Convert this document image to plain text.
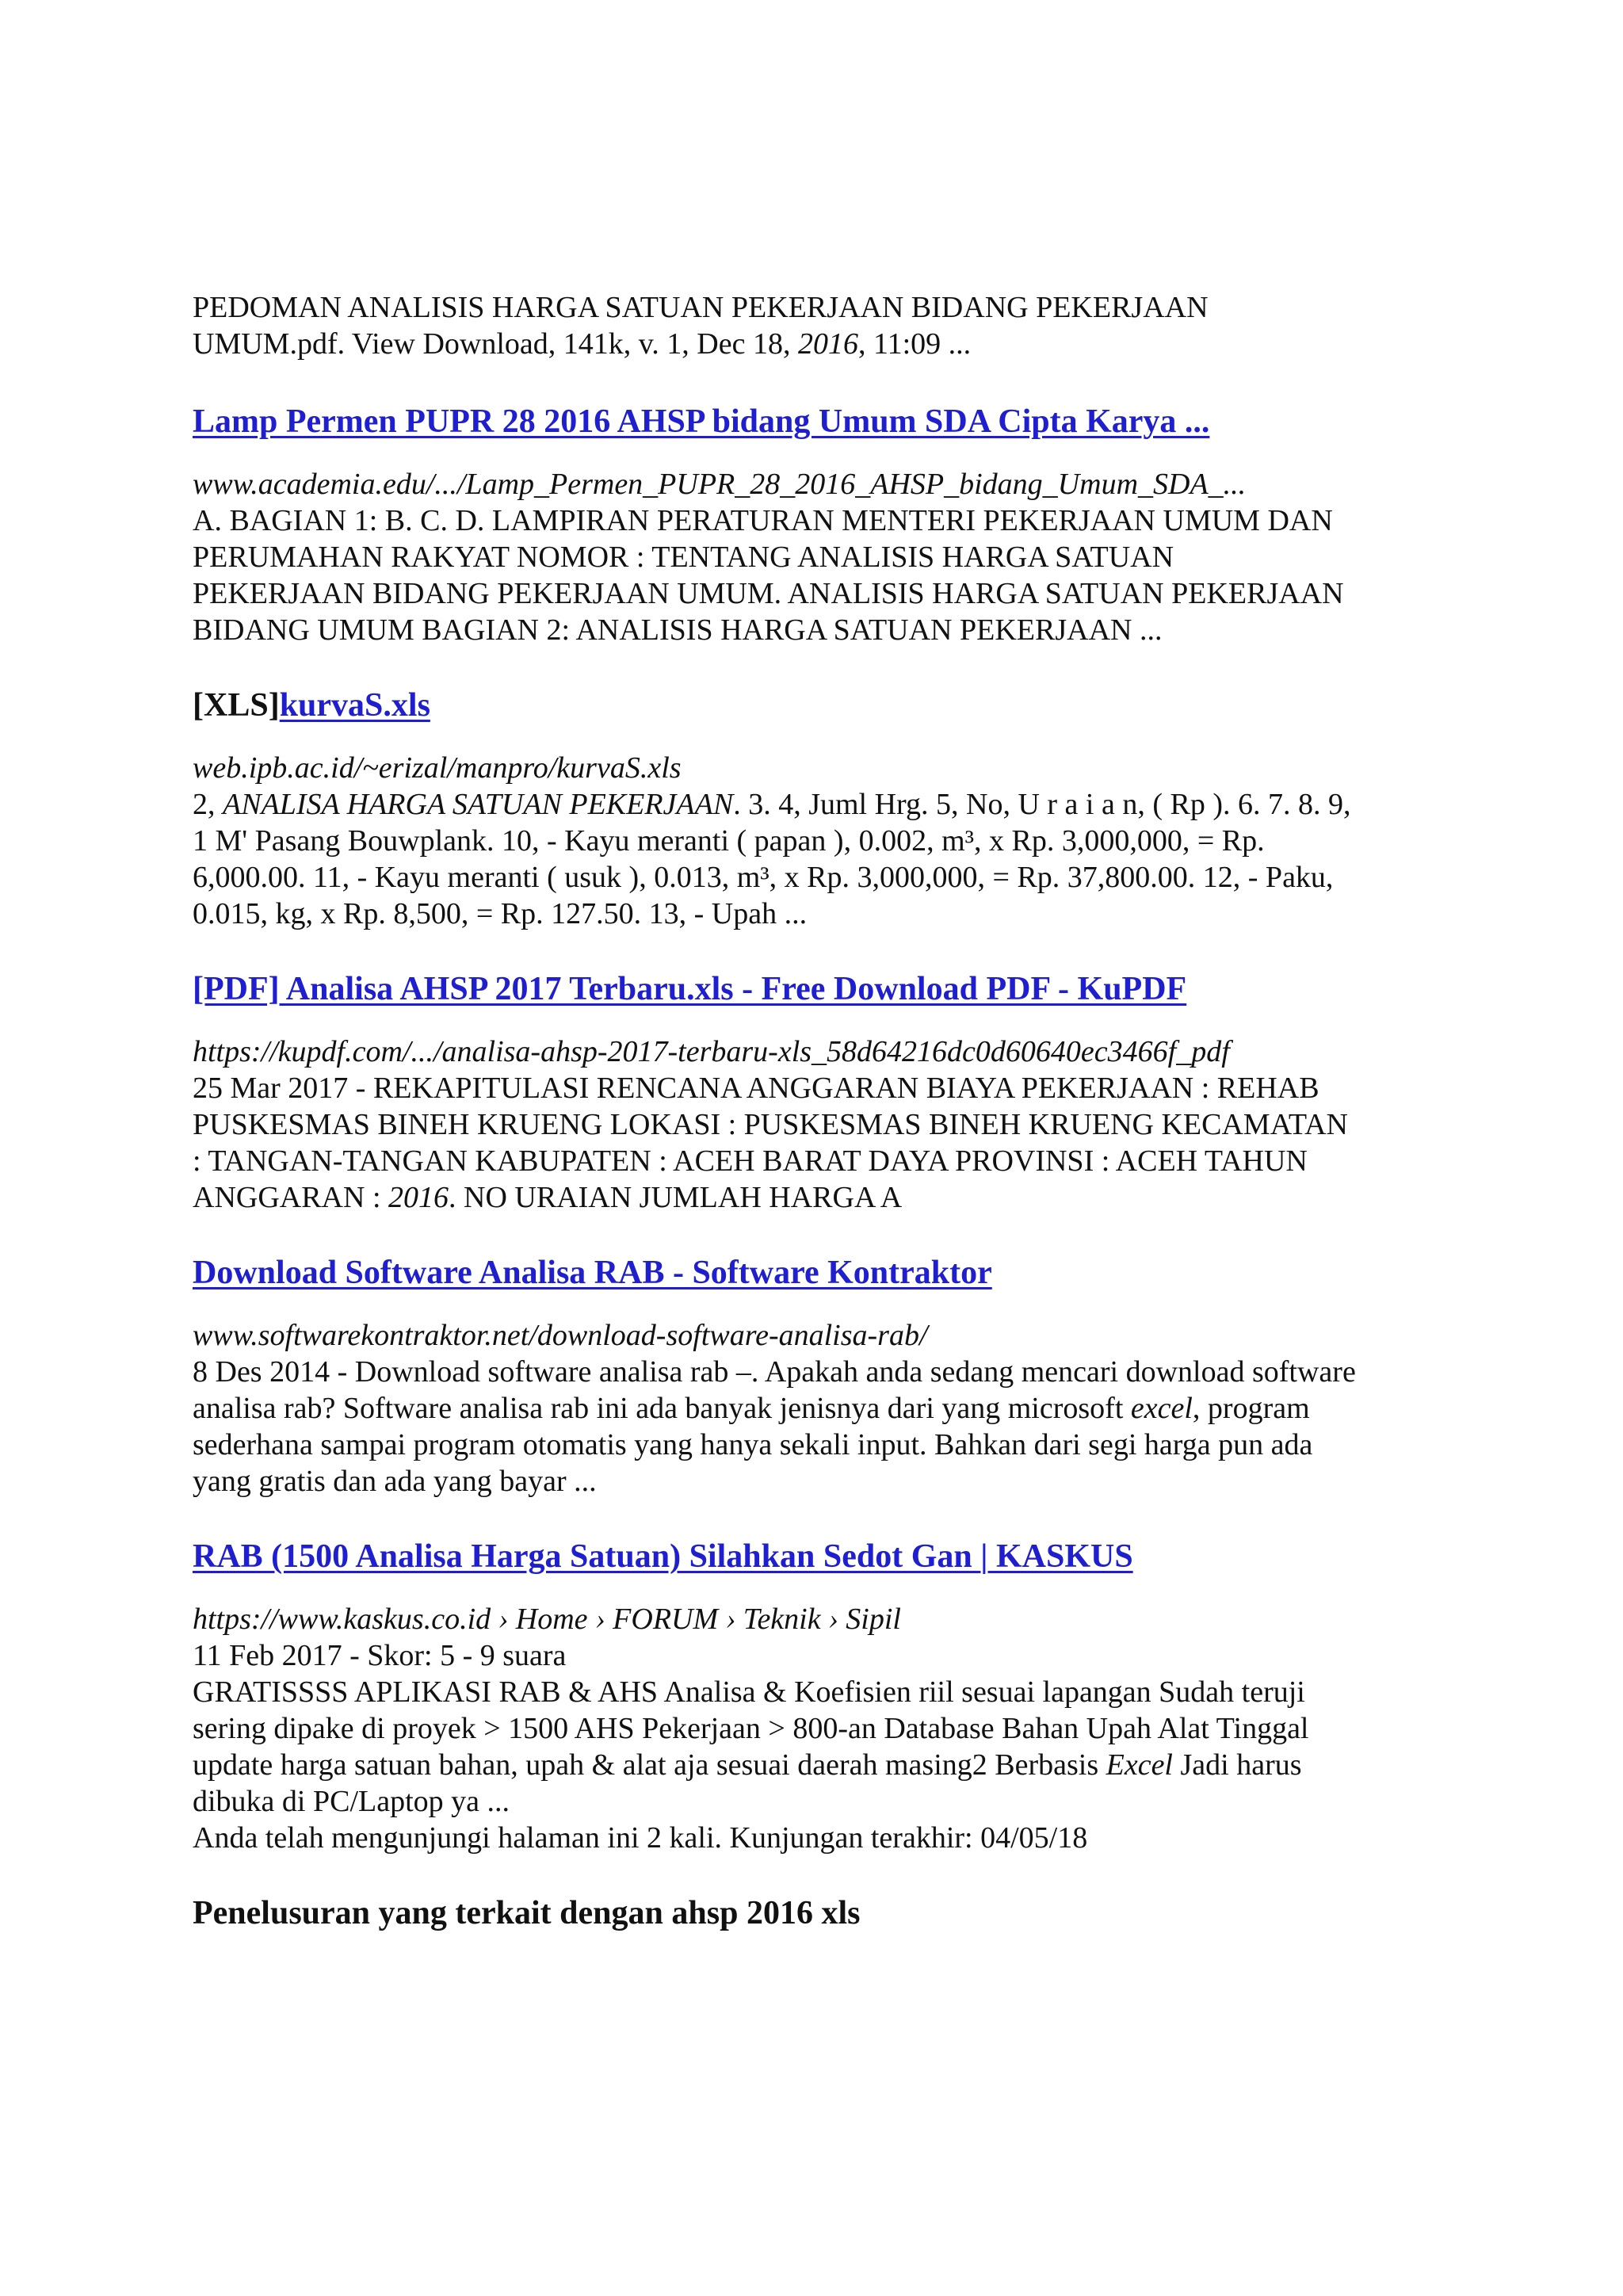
PEDOMAN ANALISIS HARGA SATUAN PEKERJAAN BIDANG PEKERJAAN

UMUM.pdf. View Download, 141k, v. 1, Dec 18, 2016, 11:09 ...

Lamp Permen PUPR 28 2016 AHSP bidang Umum SDA Cipta Karya ...

www.academia.edu/.../Lamp_Permen_PUPR_28_2016_AHSP_bidang_Umum_SDA_...

A. BAGIAN 1: B. C. D. LAMPIRAN PERATURAN MENTERI PEKERJAAN UMUM DAN

PERUMAHAN RAKYAT NOMOR : TENTANG ANALISIS HARGA SATUAN

PEKERJAAN BIDANG PEKERJAAN UMUM. ANALISIS HARGA SATUAN PEKERJAAN

BIDANG UMUM BAGIAN 2: ANALISIS HARGA SATUAN PEKERJAAN ...

[XLS]kurvaS.xls

web.ipb.ac.id/~erizal/manpro/kurvaS.xls

2, ANALISA HARGA SATUAN PEKERJAAN. 3. 4, Juml Hrg. 5, No, U r a i a n, ( Rp ). 6. 7. 8. 9,

1 M' Pasang Bouwplank. 10, - Kayu meranti ( papan ), 0.002, m³, x Rp. 3,000,000, = Rp.

6,000.00. 11, - Kayu meranti ( usuk ), 0.013, m³, x Rp. 3,000,000, = Rp. 37,800.00. 12, - Paku,

0.015, kg, x Rp. 8,500, = Rp. 127.50. 13, - Upah ...

[PDF] Analisa AHSP 2017 Terbaru.xls - Free Download PDF - KuPDF

https://kupdf.com/.../analisa-ahsp-2017-terbaru-xls_58d64216dc0d60640ec3466f_pdf

25 Mar 2017 - REKAPITULASI RENCANA ANGGARAN BIAYA PEKERJAAN : REHAB

PUSKESMAS BINEH KRUENG LOKASI : PUSKESMAS BINEH KRUENG KECAMATAN

: TANGAN-TANGAN KABUPATEN : ACEH BARAT DAYA PROVINSI : ACEH TAHUN

ANGGARAN : 2016. NO URAIAN JUMLAH HARGA A

Download Software Analisa RAB - Software Kontraktor

www.softwarekontraktor.net/download-software-analisa-rab/

8 Des 2014 - Download software analisa rab –. Apakah anda sedang mencari download software

analisa rab? Software analisa rab ini ada banyak jenisnya dari yang microsoft excel, program

sederhana sampai program otomatis yang hanya sekali input. Bahkan dari segi harga pun ada

yang gratis dan ada yang bayar ...

RAB (1500 Analisa Harga Satuan) Silahkan Sedot Gan | KASKUS

https://www.kaskus.co.id › Home › FORUM › Teknik › Sipil

11 Feb 2017 - Skor: 5 - 9 suara

GRATISSSS APLIKASI RAB & AHS Analisa & Koefisien riil sesuai lapangan Sudah teruji

sering dipake di proyek > 1500 AHS Pekerjaan > 800-an Database Bahan Upah Alat Tinggal

update harga satuan bahan, upah & alat aja sesuai daerah masing2 Berbasis Excel Jadi harus

dibuka di PC/Laptop ya ...

Anda telah mengunjungi halaman ini 2 kali. Kunjungan terakhir: 04/05/18

Penelusuran yang terkait dengan ahsp 2016 xls
